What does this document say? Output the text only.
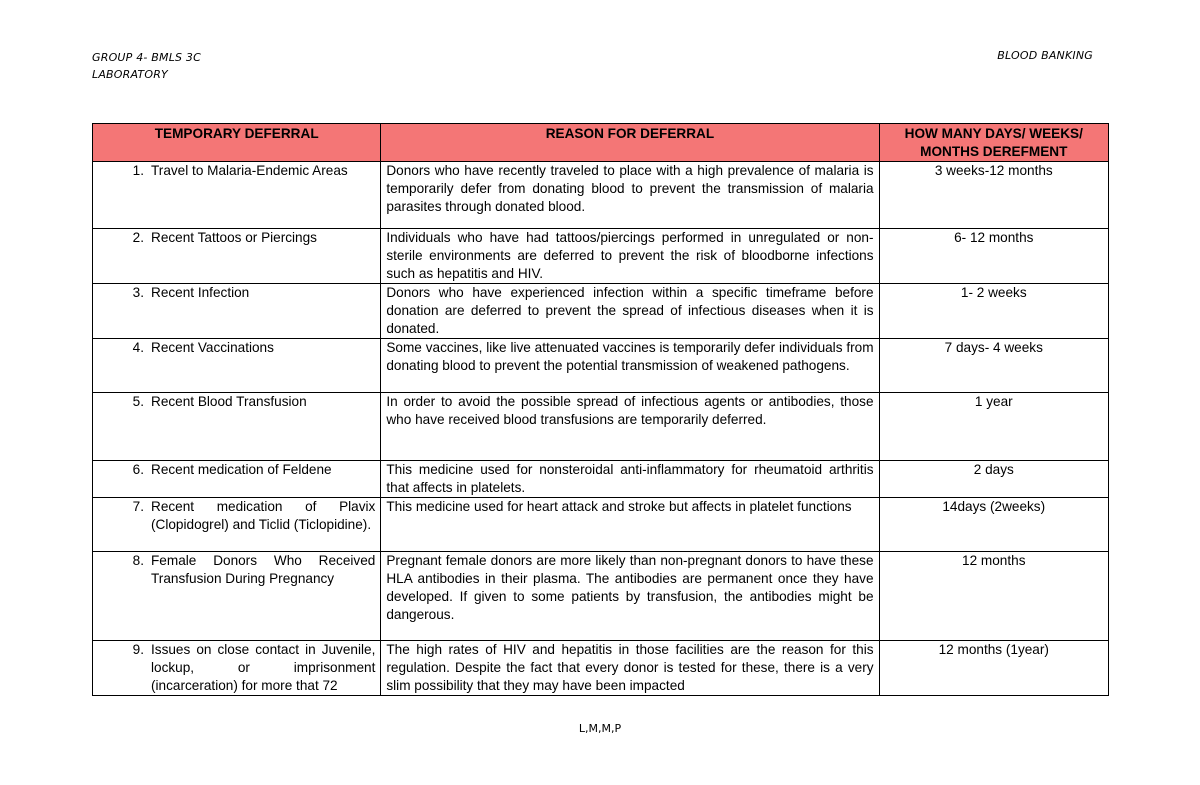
GROUP 4- BMLS 3C
LABORATORY
BLOOD BANKING
TEMPORARY DEFERRAL	REASON FOR DEFERRAL	HOW MANY DAYS/ WEEKS/ MONTHS DEREFMENT

1. Travel to Malaria-Endemic Areas	Donors who have recently traveled to place with a high prevalence of malaria is temporarily defer from donating blood to prevent the transmission of malaria parasites through donated blood.	3 weeks-12 months

2. Recent Tattoos or Piercings	Individuals who have had tattoos/piercings performed in unregulated or non-sterile environments are deferred to prevent the risk of bloodborne infections such as hepatitis and HIV.	6- 12 months

3. Recent Infection	Donors who have experienced infection within a specific timeframe before donation are deferred to prevent the spread of infectious diseases when it is donated.	1- 2 weeks

4. Recent Vaccinations	Some vaccines, like live attenuated vaccines is temporarily defer individuals from donating blood to prevent the potential transmission of weakened pathogens.	7 days- 4 weeks

5. Recent Blood Transfusion	In order to avoid the possible spread of infectious agents or antibodies, those who have received blood transfusions are temporarily deferred.	1 year

6. Recent medication of Feldene	This medicine used for nonsteroidal anti-inflammatory for rheumatoid arthritis that affects in platelets.	2 days

7. Recent medication of Plavix (Clopidogrel) and Ticlid (Ticlopidine).	This medicine used for heart attack and stroke but affects in platelet functions	14days (2weeks)

8. Female Donors Who Received Transfusion During Pregnancy	Pregnant female donors are more likely than non-pregnant donors to have these HLA antibodies in their plasma. The antibodies are permanent once they have developed. If given to some patients by transfusion, the antibodies might be dangerous.	12 months

9. Issues on close contact in Juvenile, lockup, or imprisonment (incarceration) for more that 72	The high rates of HIV and hepatitis in those facilities are the reason for this regulation. Despite the fact that every donor is tested for these, there is a very slim possibility that they may have been impacted	12 months (1year)
L,M,M,P
